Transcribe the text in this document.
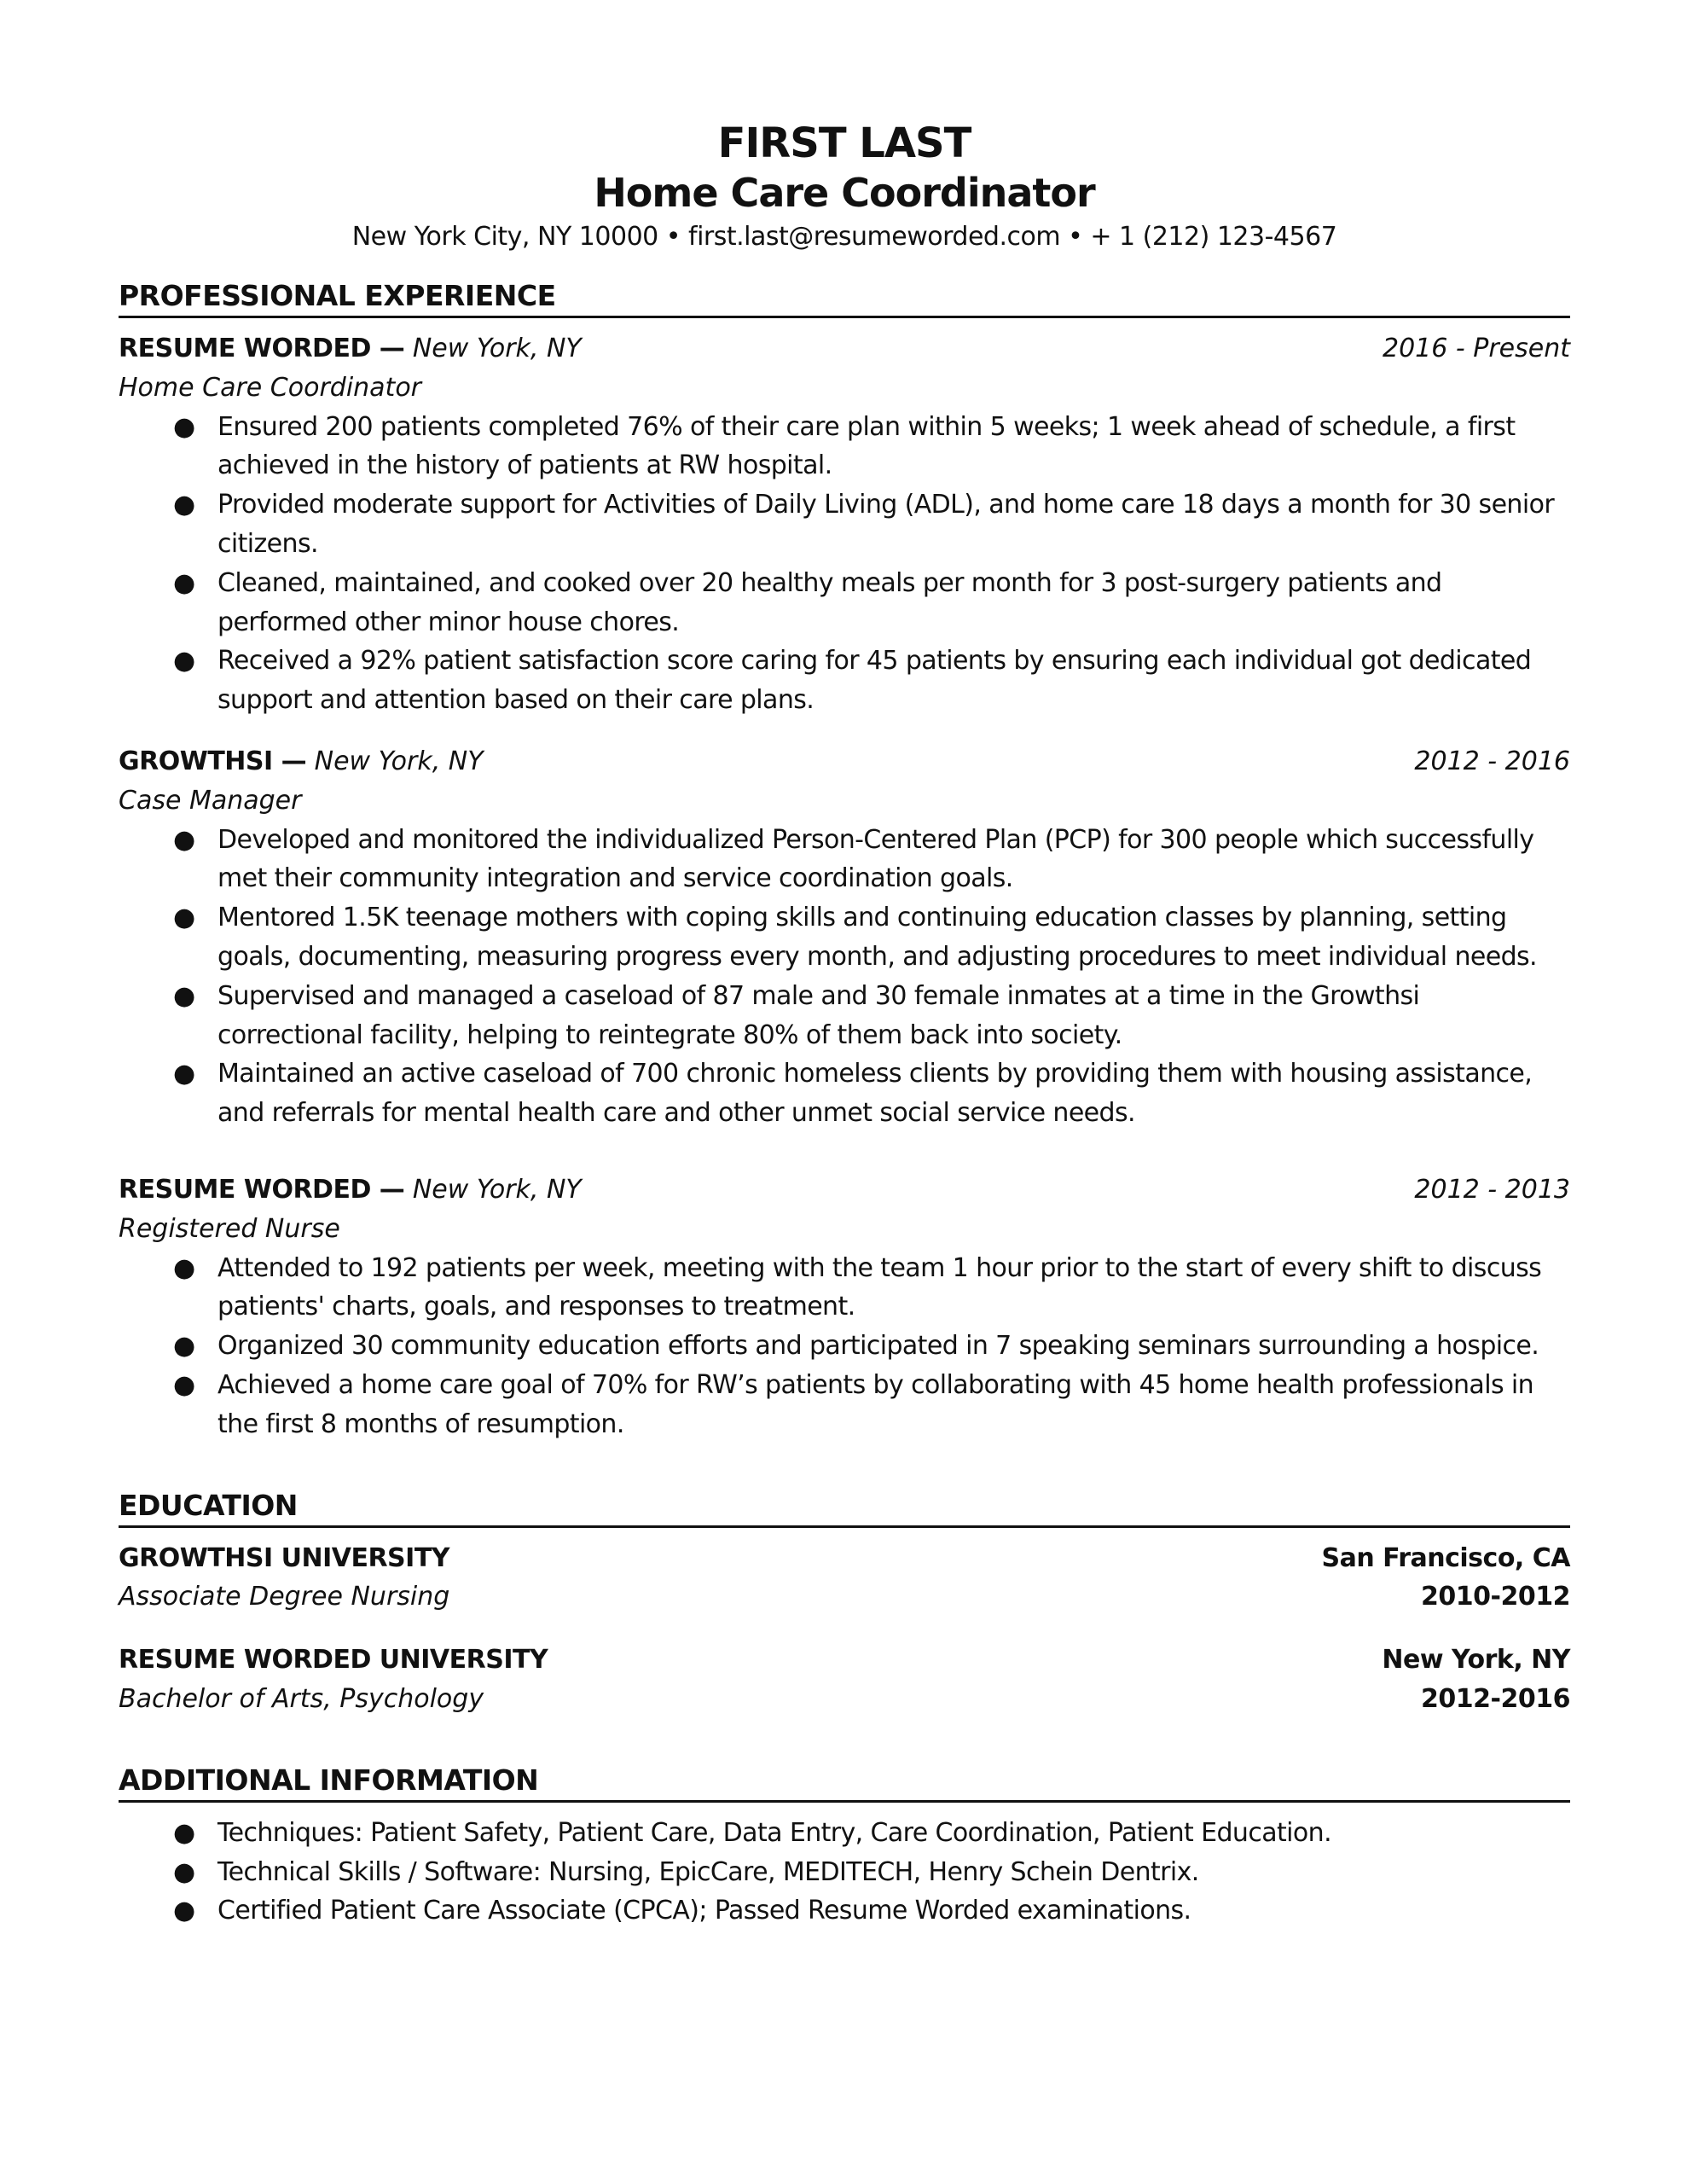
FIRST LAST
Home Care Coordinator
New York City, NY 10000 • first.last@resumeworded.com • + 1 (212) 123-4567
PROFESSIONAL EXPERIENCE
RESUME WORDED — New York, NY	2016 - Present
Home Care Coordinator
● Ensured 200 patients completed 76% of their care plan within 5 weeks; 1 week ahead of schedule, a first achieved in the history of patients at RW hospital.
● Provided moderate support for Activities of Daily Living (ADL), and home care 18 days a month for 30 senior citizens.
● Cleaned, maintained, and cooked over 20 healthy meals per month for 3 post-surgery patients and performed other minor house chores.
● Received a 92% patient satisfaction score caring for 45 patients by ensuring each individual got dedicated support and attention based on their care plans.
GROWTHSI — New York, NY	2012 - 2016
Case Manager
● Developed and monitored the individualized Person-Centered Plan (PCP) for 300 people which successfully met their community integration and service coordination goals.
● Mentored 1.5K teenage mothers with coping skills and continuing education classes by planning, setting goals, documenting, measuring progress every month, and adjusting procedures to meet individual needs.
● Supervised and managed a caseload of 87 male and 30 female inmates at a time in the Growthsi correctional facility, helping to reintegrate 80% of them back into society.
● Maintained an active caseload of 700 chronic homeless clients by providing them with housing assistance, and referrals for mental health care and other unmet social service needs.
RESUME WORDED — New York, NY	2012 - 2013
Registered Nurse
● Attended to 192 patients per week, meeting with the team 1 hour prior to the start of every shift to discuss patients' charts, goals, and responses to treatment.
● Organized 30 community education efforts and participated in 7 speaking seminars surrounding a hospice.
● Achieved a home care goal of 70% for RW’s patients by collaborating with 45 home health professionals in the first 8 months of resumption.
EDUCATION
GROWTHSI UNIVERSITY	San Francisco, CA
Associate Degree Nursing	2010-2012
RESUME WORDED UNIVERSITY	New York, NY
Bachelor of Arts, Psychology	2012-2016
ADDITIONAL INFORMATION
● Techniques: Patient Safety, Patient Care, Data Entry, Care Coordination, Patient Education.
● Technical Skills / Software: Nursing, EpicCare, MEDITECH, Henry Schein Dentrix.
● Certified Patient Care Associate (CPCA); Passed Resume Worded examinations.
